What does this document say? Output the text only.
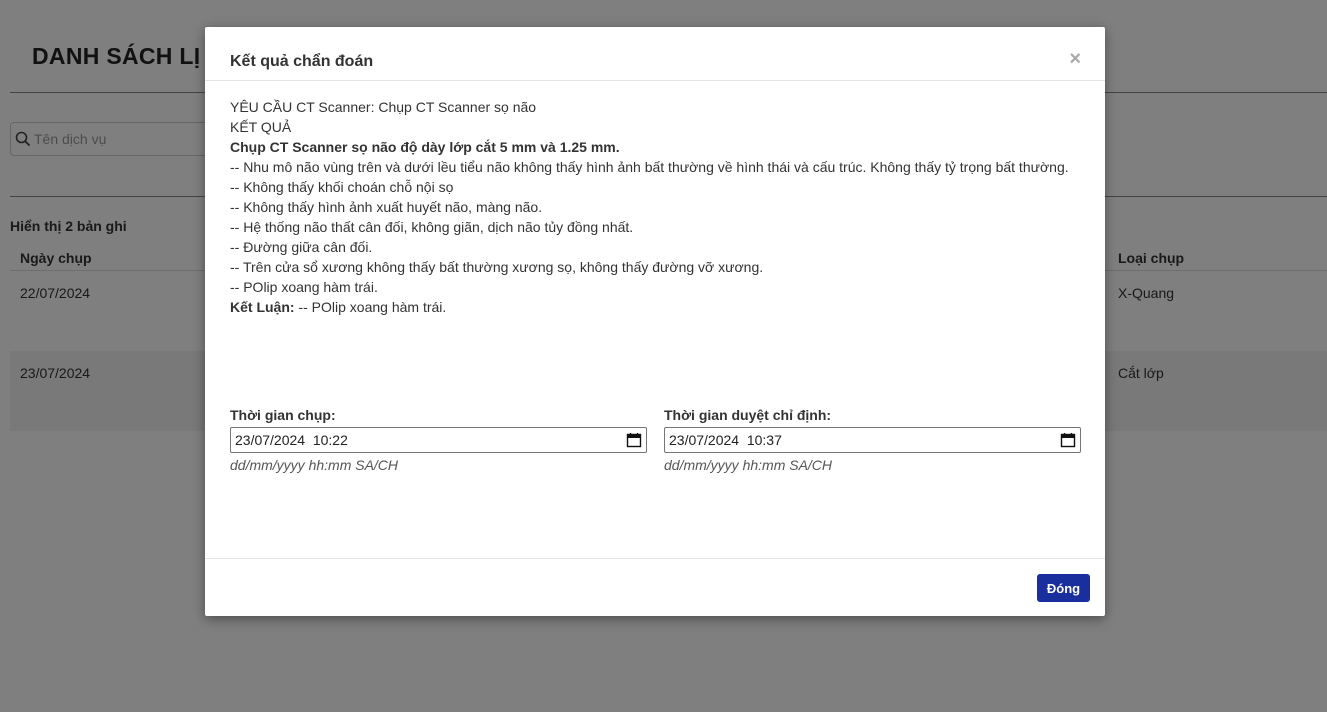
Kết quả chẩn đoán	×
YÊU CẦU CT Scanner: Chụp CT Scanner sọ não
KẾT QUẢ
Chụp CT Scanner sọ não độ dày lớp cắt 5 mm và 1.25 mm.
-- Nhu mô não vùng trên và dưới lều tiểu não không thấy hình ảnh bất thường về hình thái và cấu trúc. Không thấy tỷ trọng bất thường.
-- Không thấy khối choán chỗ nội sọ
-- Không thấy hình ảnh xuất huyết não, màng não.
-- Hệ thống não thất cân đối, không giãn, dịch não tủy đồng nhất.
-- Đường giữa cân đối.
-- Trên cửa sổ xương không thấy bất thường xương sọ, không thấy đường vỡ xương.
-- POlip xoang hàm trái.
Kết Luận: -- POlip xoang hàm trái.
Thời gian chụp:
23/07/2024  10:22
dd/mm/yyyy hh:mm SA/CH
Thời gian duyệt chỉ định:
23/07/2024  10:37
dd/mm/yyyy hh:mm SA/CH
Đóng
